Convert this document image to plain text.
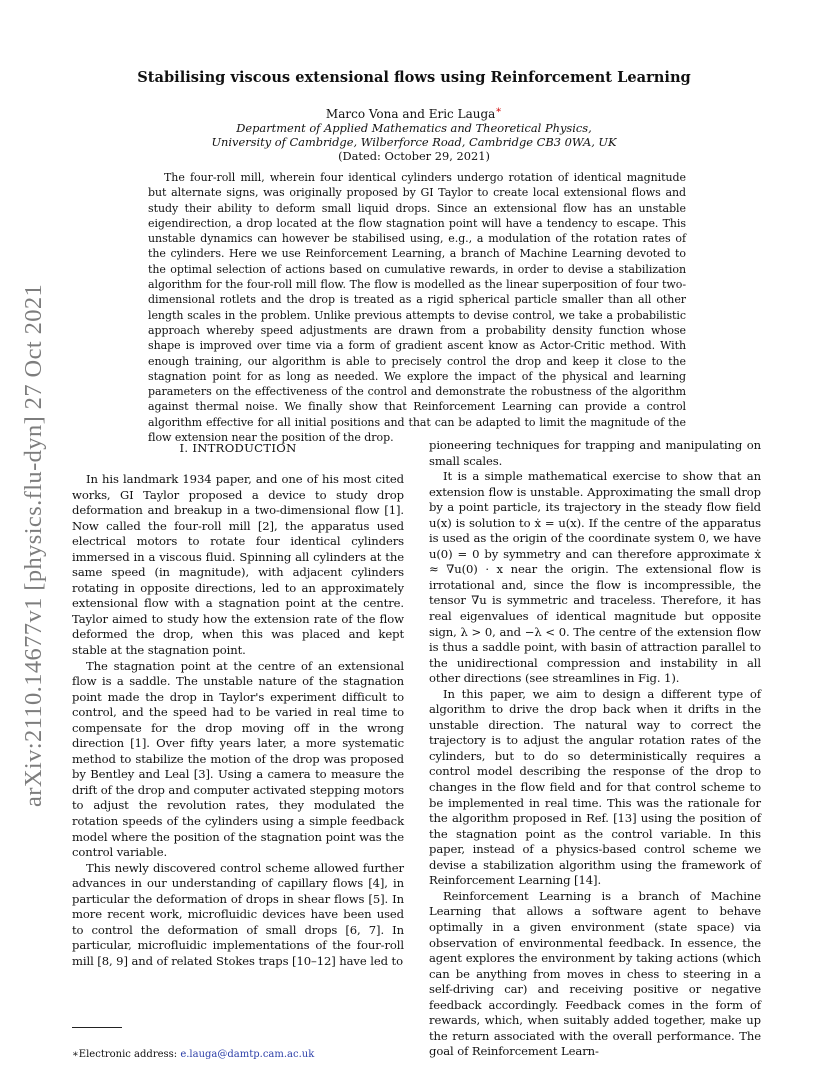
arXiv:2110.14677v1 [physics.flu-dyn] 27 Oct 2021
Stabilising viscous extensional flows using Reinforcement Learning
Marco Vona and Eric Lauga∗
Department of Applied Mathematics and Theoretical Physics,
University of Cambridge, Wilberforce Road, Cambridge CB3 0WA, UK
(Dated: October 29, 2021)

The four-roll mill, wherein four identical cylinders undergo rotation of identical magnitude but alternate signs, was originally proposed by GI Taylor to create local extensional flows and study their ability to deform small liquid drops. Since an extensional flow has an unstable eigendirection, a drop located at the flow stagnation point will have a tendency to escape. This unstable dynamics can however be stabilised using, e.g., a modulation of the rotation rates of the cylinders. Here we use Reinforcement Learning, a branch of Machine Learning devoted to the optimal selection of actions based on cumulative rewards, in order to devise a stabilization algorithm for the four-roll mill flow. The flow is modelled as the linear superposition of four two-dimensional rotlets and the drop is treated as a rigid spherical particle smaller than all other length scales in the problem. Unlike previous attempts to devise control, we take a probabilistic approach whereby speed adjustments are drawn from a probability density function whose shape is improved over time via a form of gradient ascent know as Actor-Critic method. With enough training, our algorithm is able to precisely control the drop and keep it close to the stagnation point for as long as needed. We explore the impact of the physical and learning parameters on the effectiveness of the control and demonstrate the robustness of the algorithm against thermal noise. We finally show that Reinforcement Learning can provide a control algorithm effective for all initial positions and that can be adapted to limit the magnitude of the flow extension near the position of the drop.

I. INTRODUCTION

In his landmark 1934 paper, and one of his most cited works, GI Taylor proposed a device to study drop deformation and breakup in a two-dimensional flow [1]. Now called the four-roll mill [2], the apparatus used electrical motors to rotate four identical cylinders immersed in a viscous fluid. Spinning all cylinders at the same speed (in magnitude), with adjacent cylinders rotating in opposite directions, led to an approximately extensional flow with a stagnation point at the centre. Taylor aimed to study how the extension rate of the flow deformed the drop, when this was placed and kept stable at the stagnation point.

The stagnation point at the centre of an extensional flow is a saddle. The unstable nature of the stagnation point made the drop in Taylor's experiment difficult to control, and the speed had to be varied in real time to compensate for the drop moving off in the wrong direction [1]. Over fifty years later, a more systematic method to stabilize the motion of the drop was proposed by Bentley and Leal [3]. Using a camera to measure the drift of the drop and computer activated stepping motors to adjust the revolution rates, they modulated the rotation speeds of the cylinders using a simple feedback model where the position of the stagnation point was the control variable.

This newly discovered control scheme allowed further advances in our understanding of capillary flows [4], in particular the deformation of drops in shear flows [5]. In more recent work, microfluidic devices have been used to control the deformation of small drops [6, 7]. In particular, microfluidic implementations of the four-roll mill [8, 9] and of related Stokes traps [10–12] have led to

pioneering techniques for trapping and manipulating on small scales.

It is a simple mathematical exercise to show that an extension flow is unstable. Approximating the small drop by a point particle, its trajectory in the steady flow field u(x) is solution to ẋ = u(x). If the centre of the apparatus is used as the origin of the coordinate system 0, we have u(0) = 0 by symmetry and can therefore approximate ẋ ≈ ∇u(0) · x near the origin. The extensional flow is irrotational and, since the flow is incompressible, the tensor ∇u is symmetric and traceless. Therefore, it has real eigenvalues of identical magnitude but opposite sign, λ > 0, and −λ < 0. The centre of the extension flow is thus a saddle point, with basin of attraction parallel to the unidirectional compression and instability in all other directions (see streamlines in Fig. 1).

In this paper, we aim to design a different type of algorithm to drive the drop back when it drifts in the unstable direction. The natural way to correct the trajectory is to adjust the angular rotation rates of the cylinders, but to do so deterministically requires a control model describing the response of the drop to changes in the flow field and for that control scheme to be implemented in real time. This was the rationale for the algorithm proposed in Ref. [13] using the position of the stagnation point as the control variable. In this paper, instead of a physics-based control scheme we devise a stabilization algorithm using the framework of Reinforcement Learning [14].

Reinforcement Learning is a branch of Machine Learning that allows a software agent to behave optimally in a given environment (state space) via observation of environmental feedback. In essence, the agent explores the environment by taking actions (which can be anything from moves in chess to steering in a self-driving car) and receiving positive or negative feedback accordingly. Feedback comes in the form of rewards, which, when suitably added together, make up the return associated with the overall performance. The goal of Reinforcement Learn-

∗Electronic address: e.lauga@damtp.cam.ac.uk
